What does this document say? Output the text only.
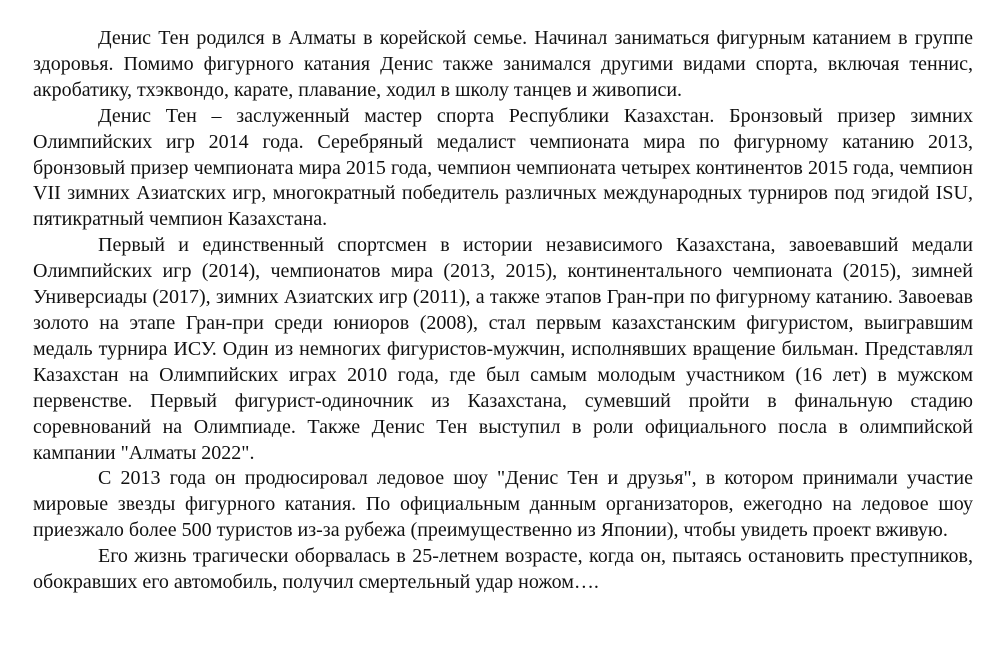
Денис Тен родился в Алматы в корейской семье. Начинал заниматься фигурным катанием в группе здоровья. Помимо фигурного катания Денис также занимался другими видами спорта, включая теннис, акробатику, тхэквондо, карате, плавание, ходил в школу танцев и живописи.

Денис Тен – заслуженный мастер спорта Республики Казахстан. Бронзовый призер зимних Олимпийских игр 2014 года. Серебряный медалист чемпионата мира по фигурному катанию 2013, бронзовый призер чемпионата мира 2015 года, чемпион чемпионата четырех континентов 2015 года, чемпион VII зимних Азиатских игр, многократный победитель различных международных турниров под эгидой ISU, пятикратный чемпион Казахстана.

Первый и единственный спортсмен в истории независимого Казахстана, завоевавший медали Олимпийских игр (2014), чемпионатов мира (2013, 2015), континентального чемпионата (2015), зимней Универсиады (2017), зимних Азиатских игр (2011), а также этапов Гран-при по фигурному катанию. Завоевав золото на этапе Гран-при среди юниоров (2008), стал первым казахстанским фигуристом, выигравшим медаль турнира ИСУ. Один из немногих фигуристов-мужчин, исполнявших вращение бильман. Представлял Казахстан на Олимпийских играх 2010 года, где был самым молодым участником (16 лет) в мужском первенстве. Первый фигурист-одиночник из Казахстана, сумевший пройти в финальную стадию соревнований на Олимпиаде. Также Денис Тен выступил в роли официального посла в олимпийской кампании "Алматы 2022".

С 2013 года он продюсировал ледовое шоу "Денис Тен и друзья", в котором принимали участие мировые звезды фигурного катания. По официальным данным организаторов, ежегодно на ледовое шоу приезжало более 500 туристов из-за рубежа (преимущественно из Японии), чтобы увидеть проект вживую.

Его жизнь трагически оборвалась в 25-летнем возрасте, когда он, пытаясь остановить преступников, обокравших его автомобиль, получил смертельный удар ножом….
